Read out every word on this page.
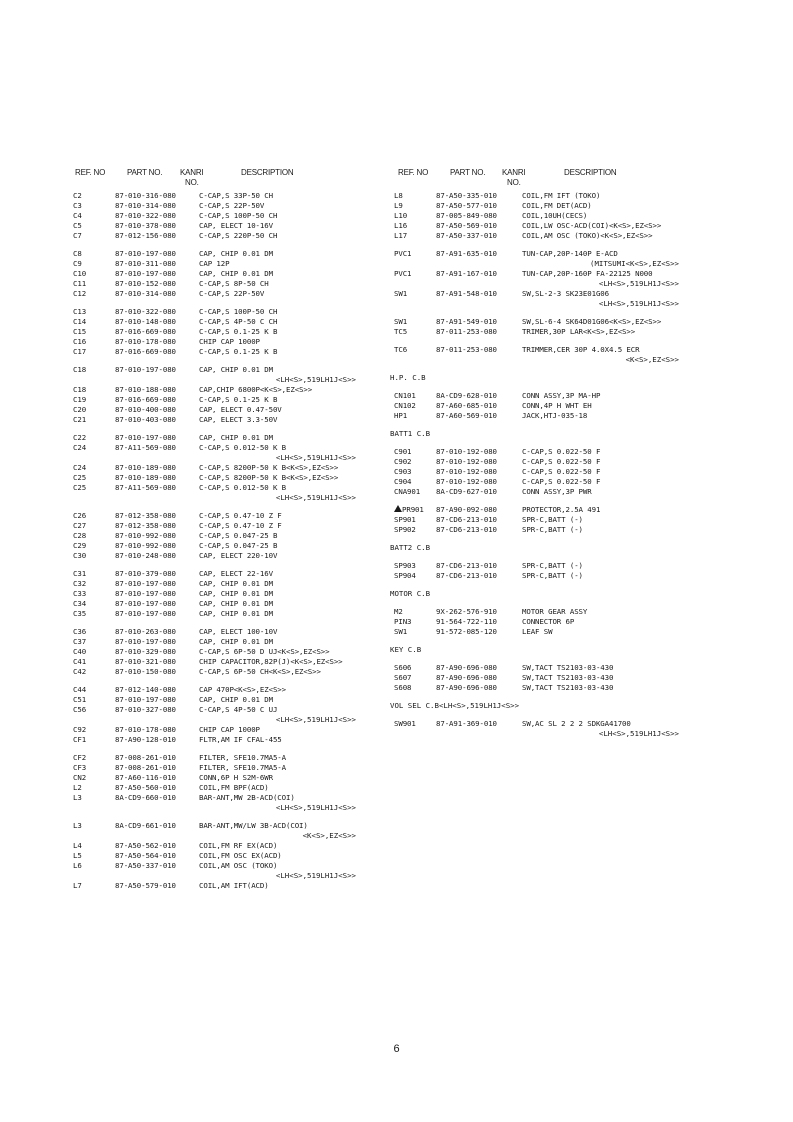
REF. NO	PART NO. KANRI
NO.
DESCRIPTION	REF. NO	PART NO. KANRI
NO.
DESCRIPTION
C2	87-010-316-080	C-CAP,S 33P-50 CH
C3	87-010-314-080	C-CAP,S 22P-50V
C4	87-010-322-080	C-CAP,S 100P-50 CH
C5	87-010-378-080	CAP, ELECT 10-16V
C7	87-012-156-080	C-CAP,S 220P-50 CH
C8	87-010-197-080	CAP, CHIP 0.01 DM
C9	87-010-311-080	CAP 12P
C10	87-010-197-080	CAP, CHIP 0.01 DM
C11	87-010-152-080	C-CAP,S 8P-50 CH
C12	87-010-314-080	C-CAP,S 22P-50V
C13	87-010-322-080	C-CAP,S 100P-50 CH
C14	87-010-148-080	C-CAP,S 4P-50 C CH
C15	87-016-669-080	C-CAP,S 0.1-25 K B
C16	87-010-178-080	CHIP CAP 1000P
C17	87-016-669-080	C-CAP,S 0.1-25 K B
C18	87-010-197-080	CAP, CHIP 0.01 DM
<LH<S>,519LH1J<S>>
C18	87-010-188-080	CAP,CHIP 6800P<K<S>,EZ<S>>
C19	87-016-669-080	C-CAP,S 0.1-25 K B
C20	87-010-400-080	CAP, ELECT 0.47-50V
C21	87-010-403-080	CAP, ELECT 3.3-50V
C22	87-010-197-080	CAP, CHIP 0.01 DM
C24	87-A11-569-080	C-CAP,S 0.012-50 K B
<LH<S>,519LH1J<S>>
C24	87-010-189-080	C-CAP,S 8200P-50 K B<K<S>,EZ<S>>
C25	87-010-189-080	C-CAP,S 8200P-50 K B<K<S>,EZ<S>>
C25	87-A11-569-080	C-CAP,S 0.012-50 K B
<LH<S>,519LH1J<S>>
C26	87-012-358-080	C-CAP,S 0.47-10 Z F
C27	87-012-358-080	C-CAP,S 0.47-10 Z F
C28	87-010-992-080	C-CAP,S 0.047-25 B
C29	87-010-992-080	C-CAP,S 0.047-25 B
C30	87-010-248-080	CAP, ELECT 220-10V
C31	87-010-379-080	CAP, ELECT 22-16V
C32	87-010-197-080	CAP, CHIP 0.01 DM
C33	87-010-197-080	CAP, CHIP 0.01 DM
C34	87-010-197-080	CAP, CHIP 0.01 DM
C35	87-010-197-080	CAP, CHIP 0.01 DM
C36	87-010-263-080	CAP, ELECT 100-10V
C37	87-010-197-080	CAP, CHIP 0.01 DM
C40	87-010-329-080	C-CAP,S 6P-50 D UJ<K<S>,EZ<S>>
C41	87-010-321-080	CHIP CAPACITOR,82P(J)<K<S>,EZ<S>>
C42	87-010-150-080	C-CAP,S 6P-50 CH<K<S>,EZ<S>>
C44	87-012-140-080	CAP 470P<K<S>,EZ<S>>
C51	87-010-197-080	CAP, CHIP 0.01 DM
C56	87-010-327-080	C-CAP,S 4P-50 C UJ
<LH<S>,519LH1J<S>>
C92	87-010-178-080	CHIP CAP 1000P
CF1	87-A90-128-010	FLTR,AM IF CFAL-455
CF2	87-008-261-010	FILTER, SFE10.7MA5-A
CF3	87-008-261-010	FILTER, SFE10.7MA5-A
CN2	87-A60-116-010	CONN,6P H S2M-6WR
L2	87-A50-560-010	COIL,FM BPF(ACD)
L3	8A-CD9-660-010	BAR-ANT,MW 2B-ACD(COI)
<LH<S>,519LH1J<S>>
L3	8A-CD9-661-010	BAR-ANT,MW/LW 3B-ACD(COI)
<K<S>,EZ<S>>
L4	87-A50-562-010	COIL,FM RF EX(ACD)
L5	87-A50-564-010	COIL,FM OSC EX(ACD)
L6	87-A50-337-010	COIL,AM OSC (TOKO)
<LH<S>,519LH1J<S>>
L7	87-A50-579-010	COIL,AM IFT(ACD)
L8	87-A50-335-010	COIL,FM IFT (TOKO)
L9	87-A50-577-010	COIL,FM DET(ACD)
L10	87-005-849-080	COIL,10UH(CECS)
L16	87-A50-569-010	COIL,LW OSC-ACD(COI)<K<S>,EZ<S>>
L17	87-A50-337-010	COIL,AM OSC (TOKO)<K<S>,EZ<S>>
PVC1	87-A91-635-010	TUN-CAP,20P-140P E-ACD
(MITSUMI<K<S>,EZ<S>>
PVC1	87-A91-167-010	TUN-CAP,20P-160P FA-22125 N000
<LH<S>,519LH1J<S>>
SW1	87-A91-548-010	SW,SL-2-3 SK23E01G06
<LH<S>,519LH1J<S>>
SW1	87-A91-549-010	SW,SL-6-4 SK64D01G06<K<S>,EZ<S>>
TC5	87-011-253-080	TRIMER,30P LAR<K<S>,EZ<S>>
TC6	87-011-253-080	TRIMMER,CER 30P 4.0X4.5 ECR
<K<S>,EZ<S>>
H.P. C.B
CN101	8A-CD9-628-010	CONN ASSY,3P MA-HP
CN102	87-A60-685-010	CONN,4P H WHT EH
HP1	87-A60-569-010	JACK,HTJ-035-18
BATT1 C.B
C901	87-010-192-080	C-CAP,S 0.022-50 F
C902	87-010-192-080	C-CAP,S 0.022-50 F
C903	87-010-192-080	C-CAP,S 0.022-50 F
C904	87-010-192-080	C-CAP,S 0.022-50 F
CNA901 8A-CD9-627-010	CONN ASSY,3P PWR
PR901 87-A90-092-080	PROTECTOR,2.5A 491
SP901	87-CD6-213-010	SPR-C,BATT (-)
SP902	87-CD6-213-010	SPR-C,BATT (-)
BATT2 C.B
SP903	87-CD6-213-010	SPR-C,BATT (-)
SP904	87-CD6-213-010	SPR-C,BATT (-)
MOTOR C.B
M2	9X-262-576-910	MOTOR GEAR ASSY
PIN3	91-564-722-110	CONNECTOR 6P
SW1	91-572-085-120	LEAF SW
KEY C.B
S606	87-A90-696-080	SW,TACT TS2103-03-430
S607	87-A90-696-080	SW,TACT TS2103-03-430
S608	87-A90-696-080	SW,TACT TS2103-03-430
VOL SEL C.B<LH<S>,519LH1J<S>>
SW901	87-A91-369-010	SW,AC SL 2 2 2 SDKGA41700
<LH<S>,519LH1J<S>>
6
